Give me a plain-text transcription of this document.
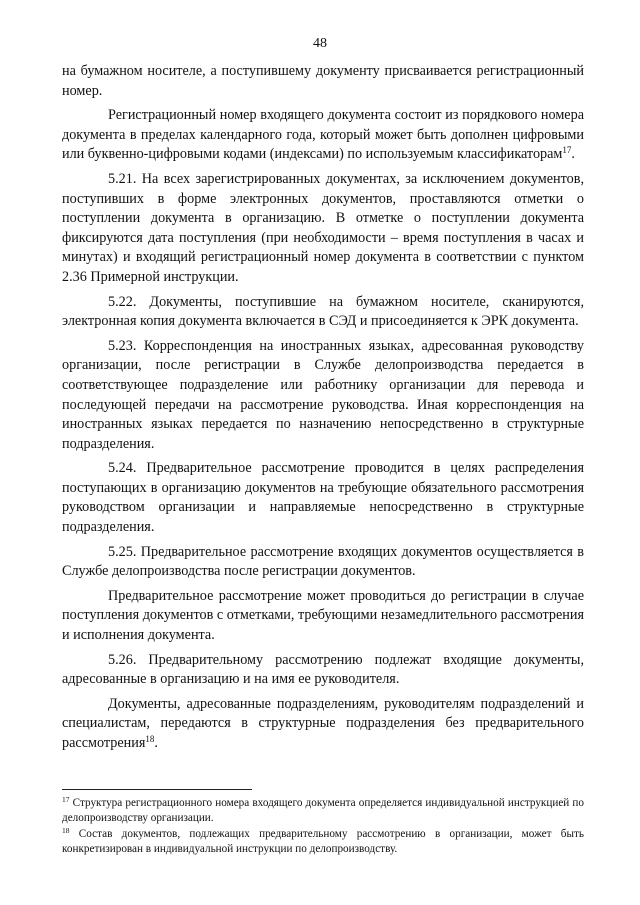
48

на бумажном носителе, а поступившему документу присваивается регистрационный номер.

Регистрационный номер входящего документа состоит из порядкового номера документа в пределах календарного года, который может быть дополнен цифровыми или буквенно-цифровыми кодами (индексами) по используемым классификаторам$^{17}$.

5.21. На всех зарегистрированных документах, за исключением документов, поступивших в форме электронных документов, проставляются отметки о поступлении документа в организацию. В отметке о поступлении документа фиксируются дата поступления (при необходимости – время поступления в часах и минутах) и входящий регистрационный номер документа в соответствии с пунктом 2.36 Примерной инструкции.

5.22. Документы, поступившие на бумажном носителе, сканируются, электронная копия документа включается в СЭД и присоединяется к ЭРК документа.

5.23. Корреспонденция на иностранных языках, адресованная руководству организации, после регистрации в Службе делопроизводства передается в соответствующее подразделение или работнику организации для перевода и последующей передачи на рассмотрение руководства. Иная корреспонденция на иностранных языках передается по назначению непосредственно в структурные подразделения.

5.24. Предварительное рассмотрение проводится в целях распределения поступающих в организацию документов на требующие обязательного рассмотрения руководством организации и направляемые непосредственно в структурные подразделения.

5.25. Предварительное рассмотрение входящих документов осуществляется в Службе делопроизводства после регистрации документов.

Предварительное рассмотрение может проводиться до регистрации в случае поступления документов с отметками, требующими незамедлительного рассмотрения и исполнения документа.

5.26. Предварительному рассмотрению подлежат входящие документы, адресованные в организацию и на имя ее руководителя.

Документы, адресованные подразделениям, руководителям подразделений и специалистам, передаются в структурные подразделения без предварительного рассмотрения$^{18}$.

$^{17}$ Структура регистрационного номера входящего документа определяется индивидуальной инструкцией по делопроизводству организации.

$^{18}$ Состав документов, подлежащих предварительному рассмотрению в организации, может быть конкретизирован в индивидуальной инструкции по делопроизводству.
